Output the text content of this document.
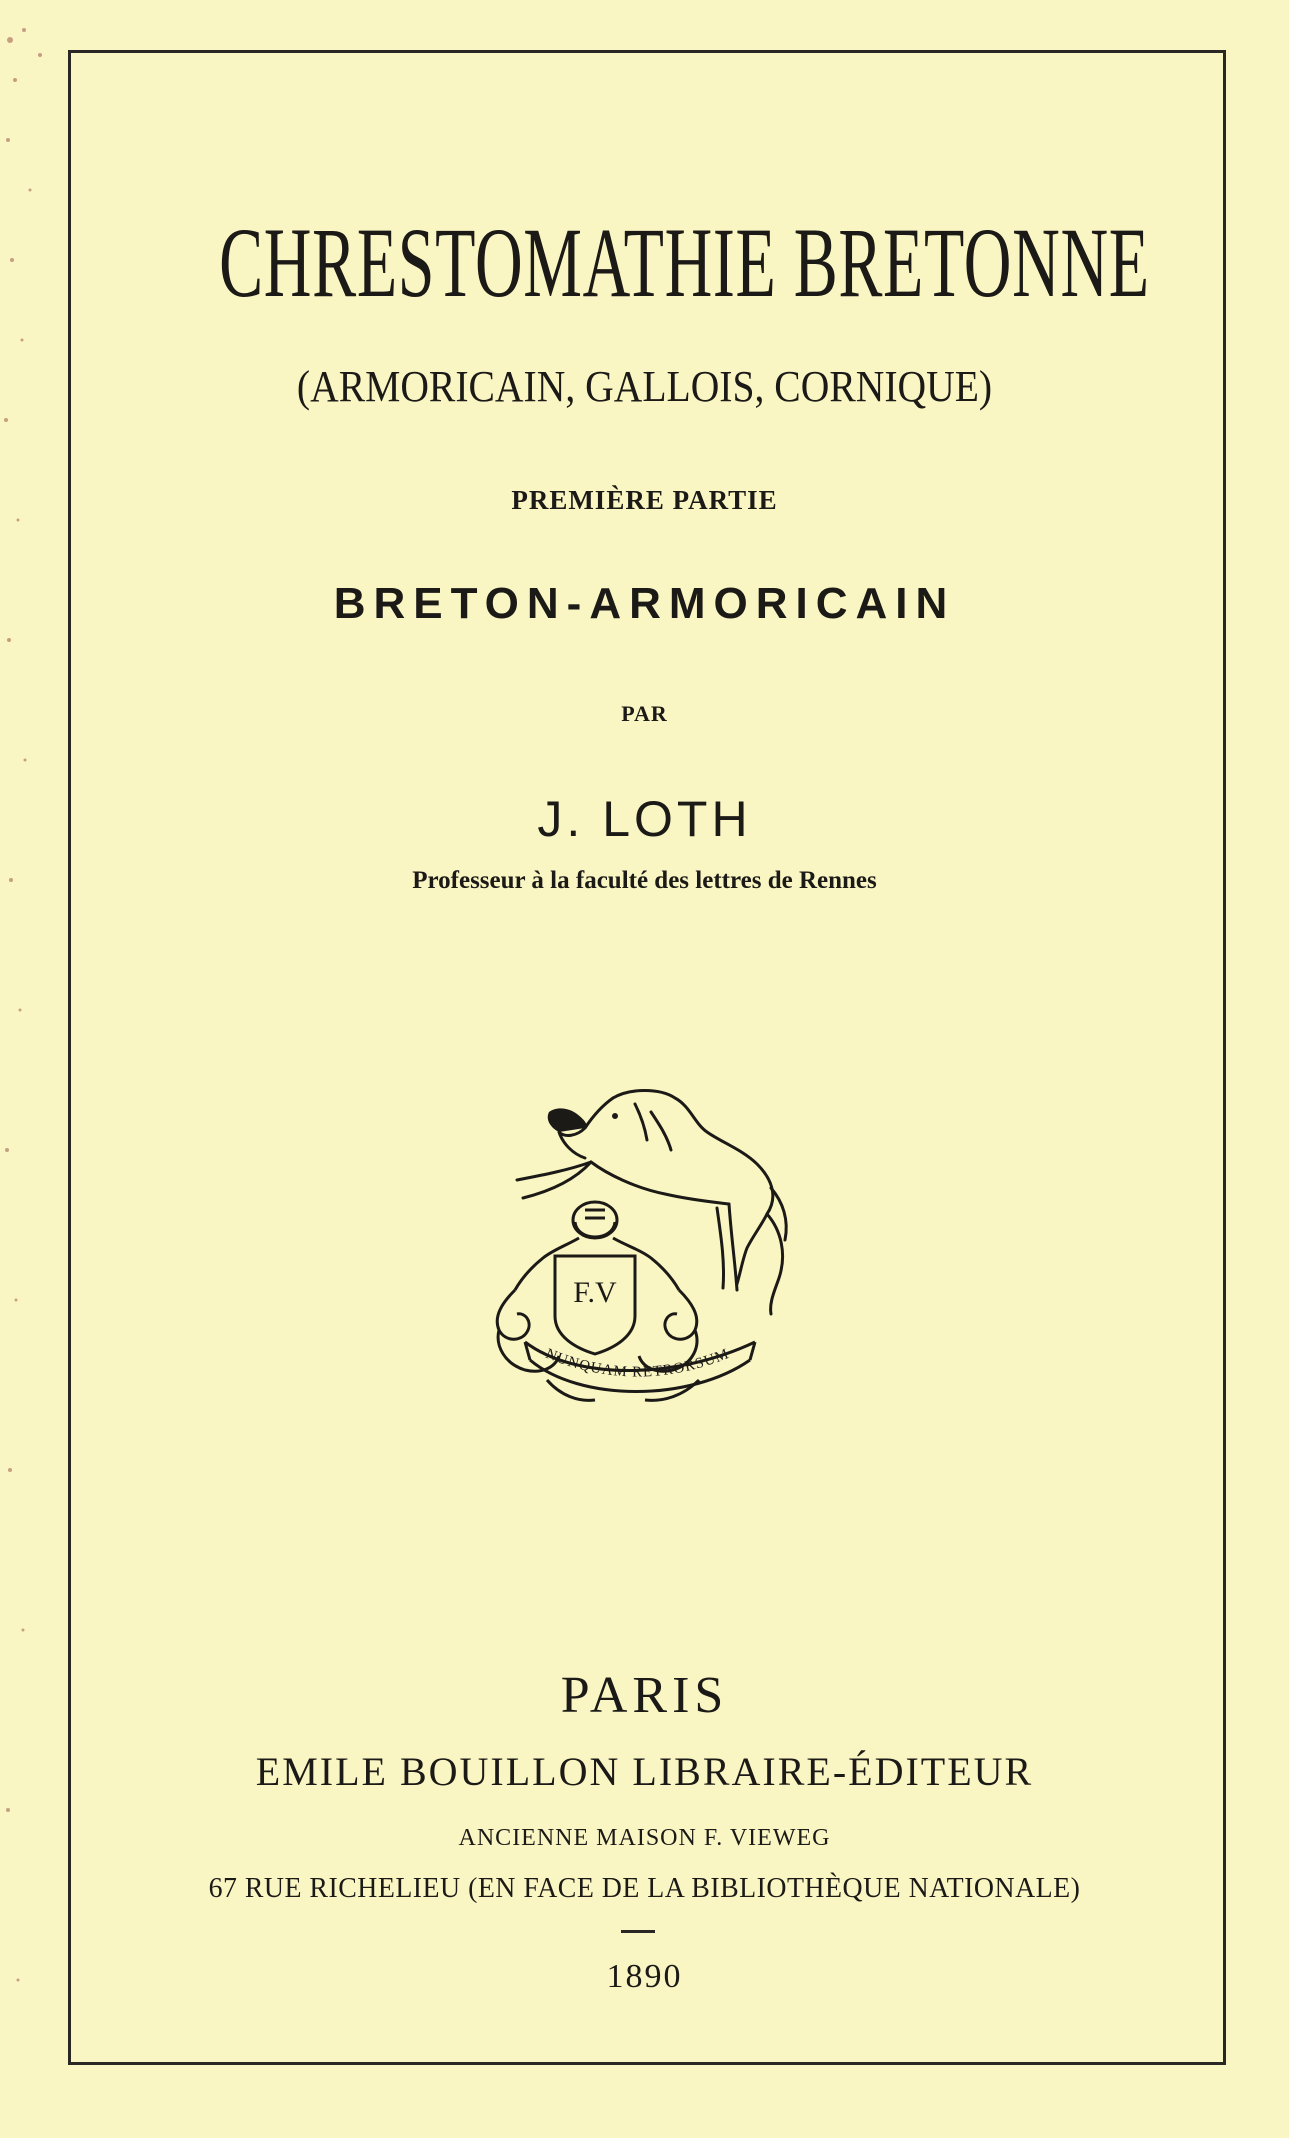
CHRESTOMATHIE BRETONNE
(ARMORICAIN, GALLOIS, CORNIQUE)
PREMIÈRE PARTIE
BRETON-ARMORICAIN
PAR
J. LOTH
Professeur à la faculté des lettres de Rennes
F.V
NUNQUAM RETRORSUM
PARIS
EMILE BOUILLON LIBRAIRE-ÉDITEUR
ANCIENNE MAISON F. VIEWEG
67 RUE RICHELIEU (EN FACE DE LA BIBLIOTHÈQUE NATIONALE)
1890
